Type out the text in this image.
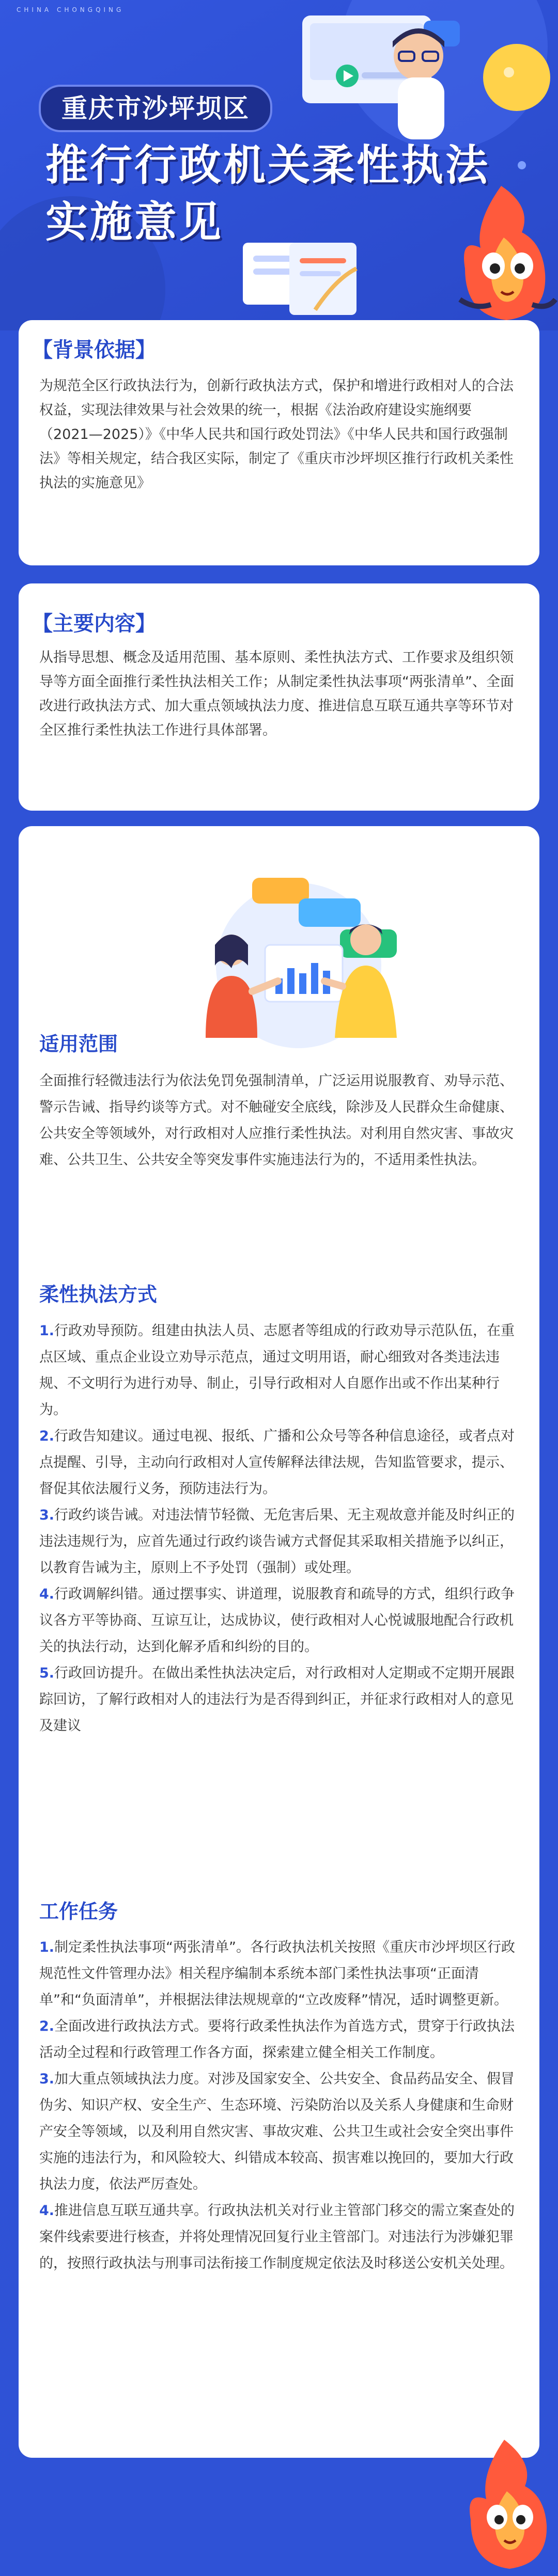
CHINA CHONGQING
重庆市沙坪坝区
推行行政机关柔性执法
实施意见
【背景依据】
为规范全区行政执法行为，创新行政执法方式，保护和增进行政相对人的合法权益，实现法律效果与社会效果的统一，根据《法治政府建设实施纲要（2021—2025）》《中华人民共和国行政处罚法》《中华人民共和国行政强制法》等相关规定，结合我区实际，制定了《重庆市沙坪坝区推行行政机关柔性执法的实施意见》
【主要内容】
从指导思想、概念及适用范围、基本原则、柔性执法方式、工作要求及组织领导等方面全面推行柔性执法相关工作；从制定柔性执法事项“两张清单”、全面改进行政执法方式、加大重点领域执法力度、推进信息互联互通共享等环节对全区推行柔性执法工作进行具体部署。
适用范围
全面推行轻微违法行为依法免罚免强制清单，广泛运用说服教育、劝导示范、警示告诫、指导约谈等方式。对不触碰安全底线，除涉及人民群众生命健康、公共安全等领域外，对行政相对人应推行柔性执法。对利用自然灾害、事故灾难、公共卫生、公共安全等突发事件实施违法行为的，不适用柔性执法。
柔性执法方式

1.行政劝导预防。组建由执法人员、志愿者等组成的行政劝导示范队伍，在重点区域、重点企业设立劝导示范点，通过文明用语，耐心细致对各类违法违规、不文明行为进行劝导、制止，引导行政相对人自愿作出或不作出某种行为。

2.行政告知建议。通过电视、报纸、广播和公众号等各种信息途径，或者点对点提醒、引导，主动向行政相对人宣传解释法律法规，告知监管要求，提示、督促其依法履行义务，预防违法行为。

3.行政约谈告诫。对违法情节轻微、无危害后果、无主观故意并能及时纠正的违法违规行为，应首先通过行政约谈告诫方式督促其采取相关措施予以纠正，以教育告诫为主，原则上不予处罚（强制）或处理。

4.行政调解纠错。通过摆事实、讲道理，说服教育和疏导的方式，组织行政争议各方平等协商、互谅互让，达成协议，使行政相对人心悦诚服地配合行政机关的执法行动，达到化解矛盾和纠纷的目的。

5.行政回访提升。在做出柔性执法决定后，对行政相对人定期或不定期开展跟踪回访，了解行政相对人的违法行为是否得到纠正，并征求行政相对人的意见及建议

工作任务

1.制定柔性执法事项“两张清单”。各行政执法机关按照《重庆市沙坪坝区行政规范性文件管理办法》相关程序编制本系统本部门柔性执法事项“正面清单”和“负面清单”，并根据法律法规规章的“立改废释”情况，适时调整更新。

2.全面改进行政执法方式。要将行政柔性执法作为首选方式，贯穿于行政执法活动全过程和行政管理工作各方面，探索建立健全相关工作制度。

3.加大重点领域执法力度。对涉及国家安全、公共安全、食品药品安全、假冒伪劣、知识产权、安全生产、生态环境、污染防治以及关系人身健康和生命财产安全等领域，以及利用自然灾害、事故灾难、公共卫生或社会安全突出事件实施的违法行为，和风险较大、纠错成本较高、损害难以挽回的，要加大行政执法力度，依法严厉查处。

4.推进信息互联互通共享。行政执法机关对行业主管部门移交的需立案查处的案件线索要进行核查，并将处理情况回复行业主管部门。对违法行为涉嫌犯罪的，按照行政执法与刑事司法衔接工作制度规定依法及时移送公安机关处理。
